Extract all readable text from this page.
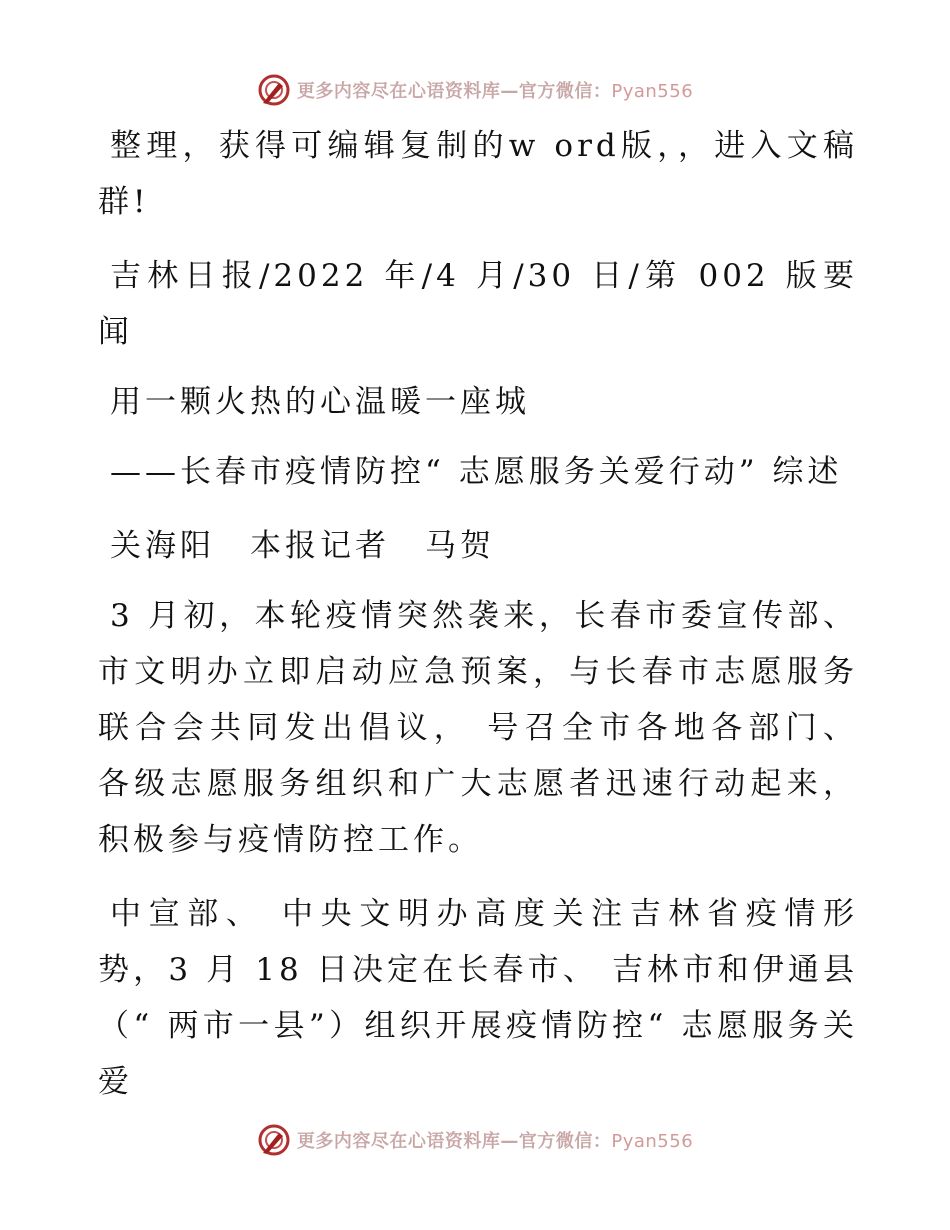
更多内容尽在心语资料库—官方微信：Pyan556

整理，获得可编辑复制的w ord版，，进入文稿群!

吉林日报/2022 年/4 月/30 日/第 002 版要闻

用一颗火热的心温暖一座城

——长春市疫情防控“ 志愿服务关爱行动” 综述

关海阳　本报记者　马贺

3 月初，本轮疫情突然袭来，长春市委宣传部、市文明办立即启动应急预案，与长春市志愿服务联合会共同发出倡议， 号召全市各地各部门、 各级志愿服务组织和广大志愿者迅速行动起来，积极参与疫情防控工作。

中宣部、 中央文明办高度关注吉林省疫情形势，3 月 18 日决定在长春市、 吉林市和伊通县 （“ 两市一县”）组织开展疫情防控“ 志愿服务关爱

更多内容尽在心语资料库—官方微信：Pyan556
